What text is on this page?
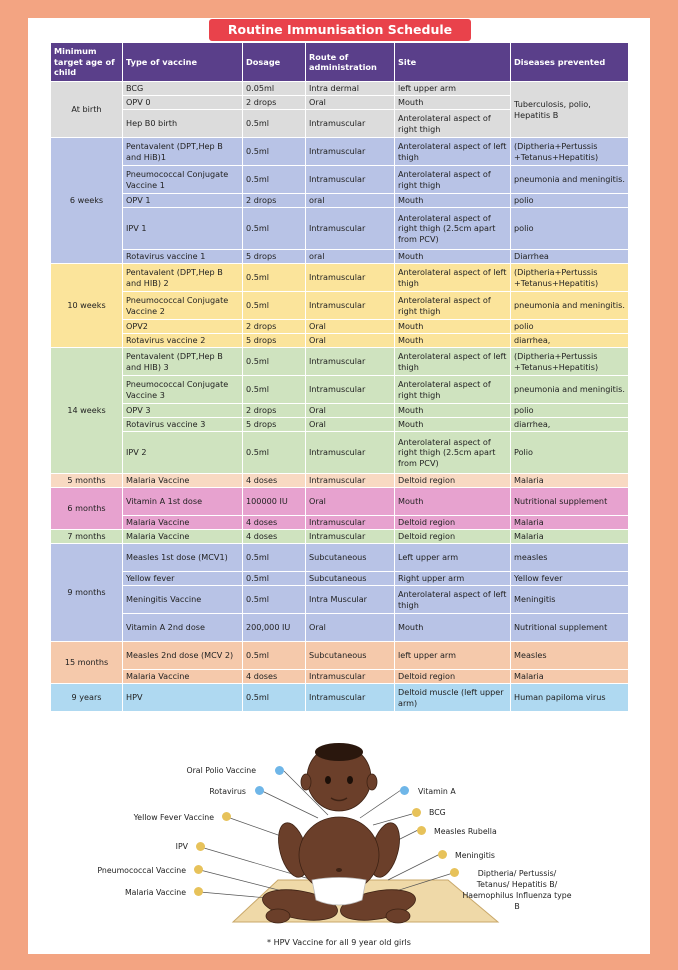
Routine Immunisation Schedule
Minimum target age of child	Type of vaccine	Dosage	Route of administration	Site	Diseases prevented
At birth	BCG	0.05ml	Intra dermal	left upper arm	Tuberculosis, polio, Hepatitis B
	OPV 0	2 drops	Oral	Mouth	
	Hep B0 birth	0.5ml	Intramuscular	Anterolateral aspect of right thigh	
6 weeks	Pentavalent (DPT,Hep B and HiB)1	0.5ml	Intramuscular	Anterolateral aspect of left thigh	(Diptheria+Pertussis +Tetanus+Hepatitis)
	Pneumococcal Conjugate Vaccine 1	0.5ml	Intramuscular	Anterolateral aspect of right thigh	pneumonia and meningitis.
	OPV 1	2 drops	oral	Mouth	polio
	IPV 1	0.5ml	Intramuscular	Anterolateral aspect of right thigh (2.5cm apart from PCV)	polio
	Rotavirus vaccine 1	5 drops	oral	Mouth	Diarrhea
10 weeks	Pentavalent (DPT,Hep B and HIB) 2	0.5ml	Intramuscular	Anterolateral aspect of left thigh	(Diptheria+Pertussis +Tetanus+Hepatitis)
	Pneumococcal Conjugate Vaccine 2	0.5ml	Intramuscular	Anterolateral aspect of right thigh	pneumonia and meningitis.
	OPV2	2 drops	Oral	Mouth	polio
	Rotavirus vaccine 2	5 drops	Oral	Mouth	diarrhea,
14 weeks	Pentavalent (DPT,Hep B and HIB) 3	0.5ml	Intramuscular	Anterolateral aspect of left thigh	(Diptheria+Pertussis +Tetanus+Hepatitis)
	Pneumococcal Conjugate Vaccine 3	0.5ml	Intramuscular	Anterolateral aspect of right thigh	pneumonia and meningitis.
	OPV 3	2 drops	Oral	Mouth	polio
	Rotavirus vaccine 3	5 drops	Oral	Mouth	diarrhea,
	IPV 2	0.5ml	Intramuscular	Anterolateral aspect of right thigh (2.5cm apart from PCV)	Polio
5 months	Malaria Vaccine	4 doses	Intramuscular	Deltoid region	Malaria
6 months	Vitamin A 1st dose	100000 IU	Oral	Mouth	Nutritional supplement
	Malaria Vaccine	4 doses	Intramuscular	Deltoid region	Malaria
7 months	Malaria Vaccine	4 doses	Intramuscular	Deltoid region	Malaria
9 months	Measles 1st dose (MCV1)	0.5ml	Subcutaneous	Left upper arm	measles
	Yellow fever	0.5ml	Subcutaneous	Right upper arm	Yellow fever
	Meningitis Vaccine	0.5ml	Intra Muscular	Anterolateral aspect of left thigh	Meningitis
	Vitamin A 2nd dose	200,000 IU	Oral	Mouth	Nutritional supplement
15 months	Measles 2nd dose (MCV 2)	0.5ml	Subcutaneous	left upper arm	Measles
	Malaria Vaccine	4 doses	Intramuscular	Deltoid region	Malaria
9 years	HPV	0.5ml	Intramuscular	Deltoid muscle (left upper arm)	Human papiloma virus
Oral Polio Vaccine
Rotavirus
Yellow Fever Vaccine
IPV
Pneumococcal Vaccine
Malaria Vaccine
Vitamin A
BCG
Measles Rubella
Meningitis
Diptheria/ Pertussis/ Tetanus/ Hepatitis B/ Haemophilus Influenza type B
* HPV Vaccine for all 9 year old girls
